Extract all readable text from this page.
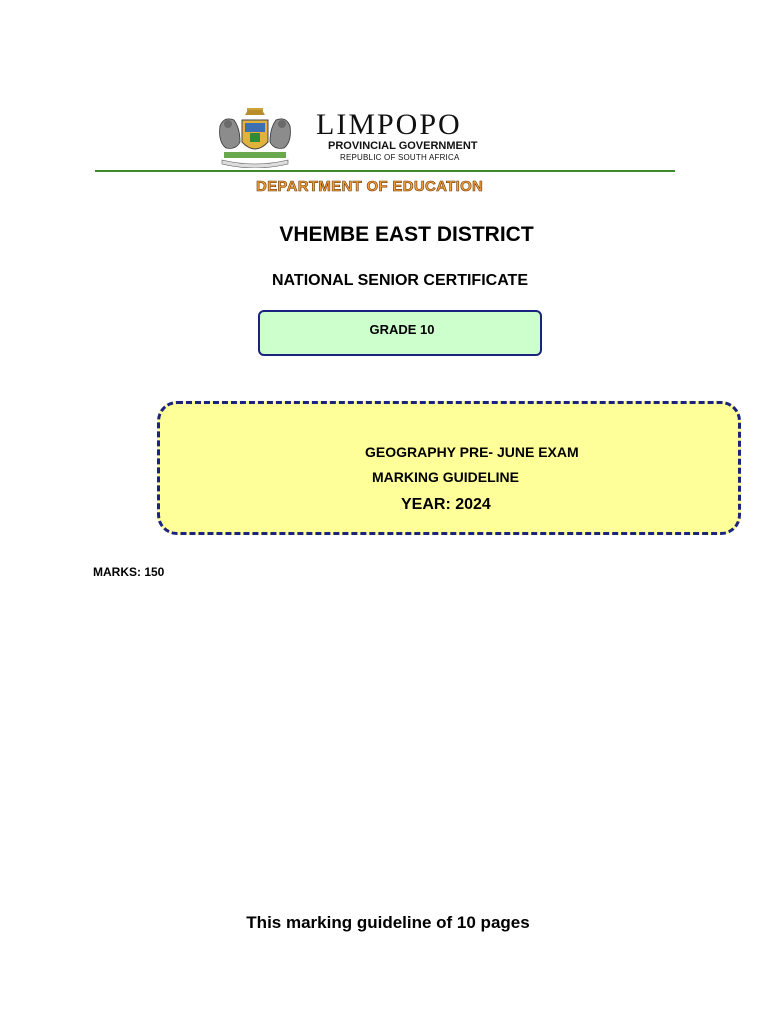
LIMPOPO
PROVINCIAL GOVERNMENT
REPUBLIC OF SOUTH AFRICA
DEPARTMENT OF EDUCATION
VHEMBE EAST DISTRICT
NATIONAL SENIOR CERTIFICATE
GRADE 10
GEOGRAPHY PRE- JUNE EXAM
MARKING GUIDELINE
YEAR: 2024
MARKS: 150
This marking guideline of 10 pages
